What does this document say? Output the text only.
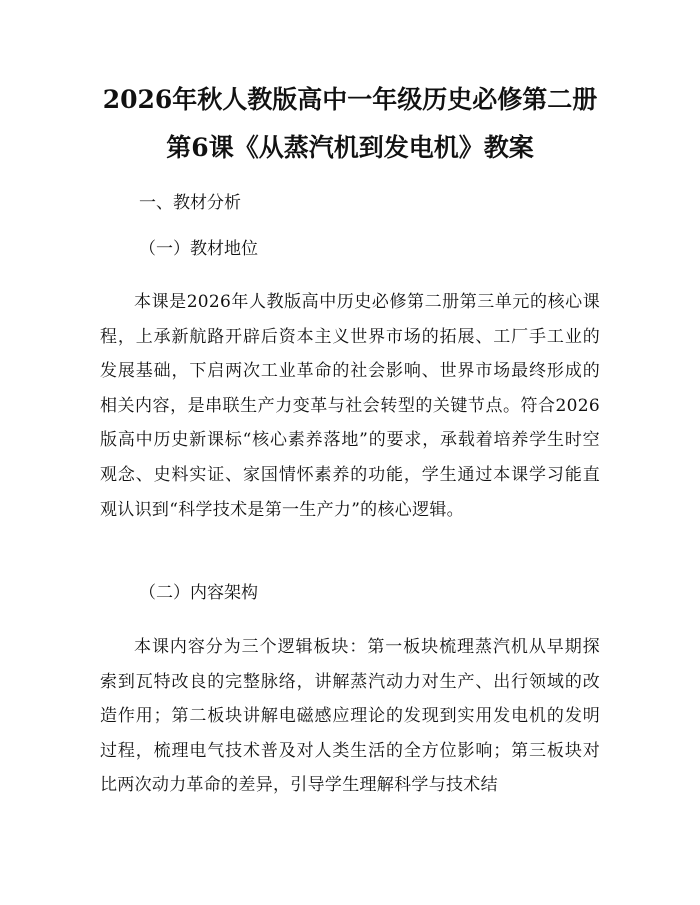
2026年秋人教版高中一年级历史必修第二册
第6课《从蒸汽机到发电机》教案
一、教材分析
（一）教材地位
本课是2026年人教版高中历史必修第二册第三单元的核心课程，上承新航路开辟后资本主义世界市场的拓展、工厂手工业的发展基础，下启两次工业革命的社会影响、世界市场最终形成的相关内容，是串联生产力变革与社会转型的关键节点。符合2026版高中历史新课标“核心素养落地”的要求，承载着培养学生时空观念、史料实证、家国情怀素养的功能，学生通过本课学习能直观认识到“科学技术是第一生产力”的核心逻辑。
（二）内容架构
本课内容分为三个逻辑板块：第一板块梳理蒸汽机从早期探索到瓦特改良的完整脉络，讲解蒸汽动力对生产、出行领域的改造作用；第二板块讲解电磁感应理论的发现到实用发电机的发明过程，梳理电气技术普及对人类生活的全方位影响；第三板块对比两次动力革命的差异，引导学生理解科学与技术结
